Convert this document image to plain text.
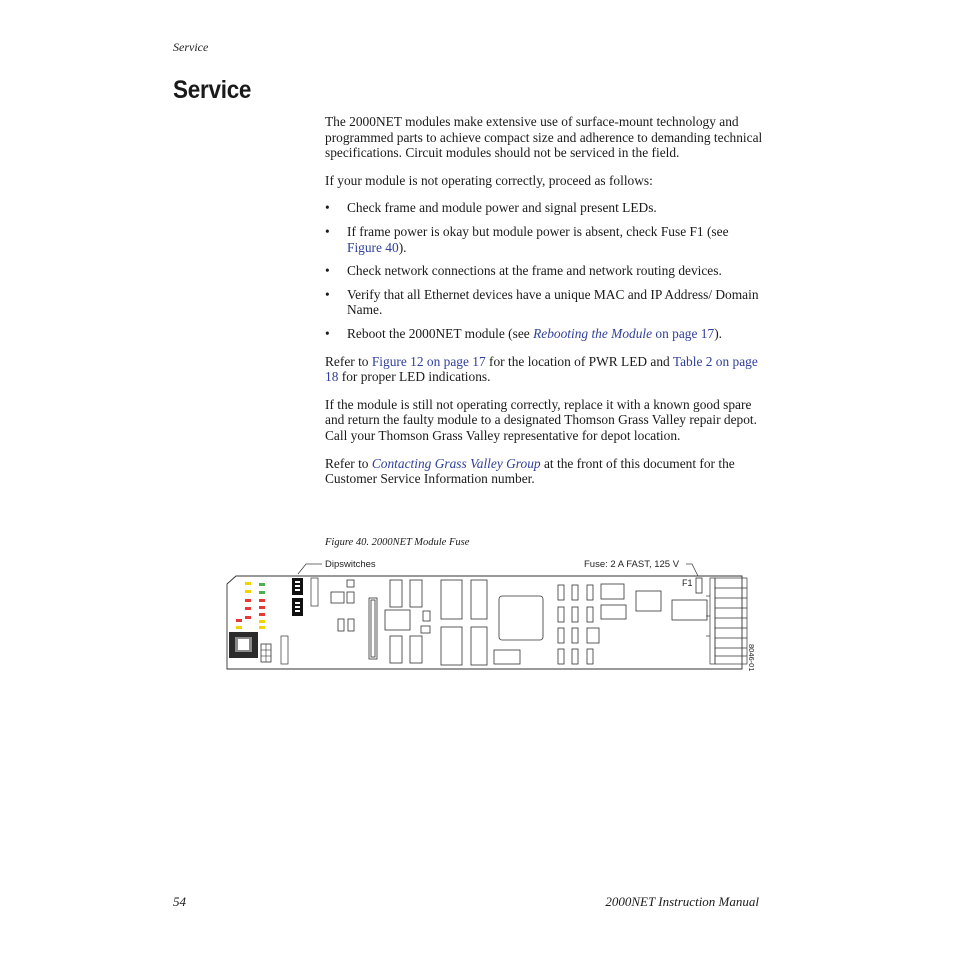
Service
Service

The 2000NET modules make extensive use of surface-mount technology and programmed parts to achieve compact size and adherence to demanding technical specifications. Circuit modules should not be serviced in the field.

If your module is not operating correctly, proceed as follows:

• Check frame and module power and signal present LEDs.
• If frame power is okay but module power is absent, check Fuse F1 (see Figure 40).
• Check network connections at the frame and network routing devices.
• Verify that all Ethernet devices have a unique MAC and IP Address/ Domain Name.
• Reboot the 2000NET module (see Rebooting the Module on page 17).

Refer to Figure 12 on page 17 for the location of PWR LED and Table 2 on page 18 for proper LED indications.

If the module is still not operating correctly, replace it with a known good spare and return the faulty module to a designated Thomson Grass Valley repair depot. Call your Thomson Grass Valley representative for depot location.

Refer to Contacting Grass Valley Group at the front of this document for the Customer Service Information number.

Figure 40. 2000NET Module Fuse
Dipswitches	Fuse: 2 A FAST, 125 V
F1
8046-01
54	2000NET Instruction Manual
